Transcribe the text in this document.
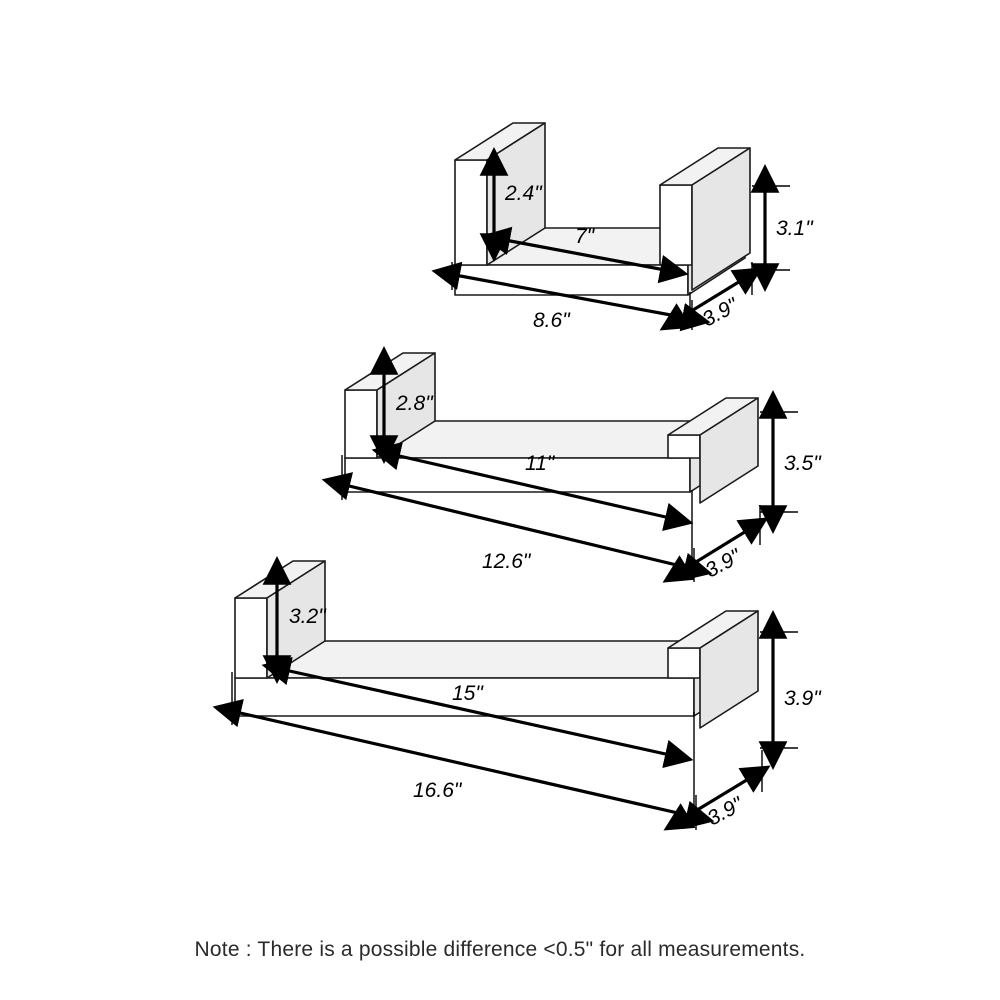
2.4"
7"	3.1"
8.6"	3.9"
2.8"
11"	3.5"
12.6"	3.9"
3.2"
15"	3.9"
16.6"
3.9"
Note : There is a possible difference <0.5" for all measurements.
